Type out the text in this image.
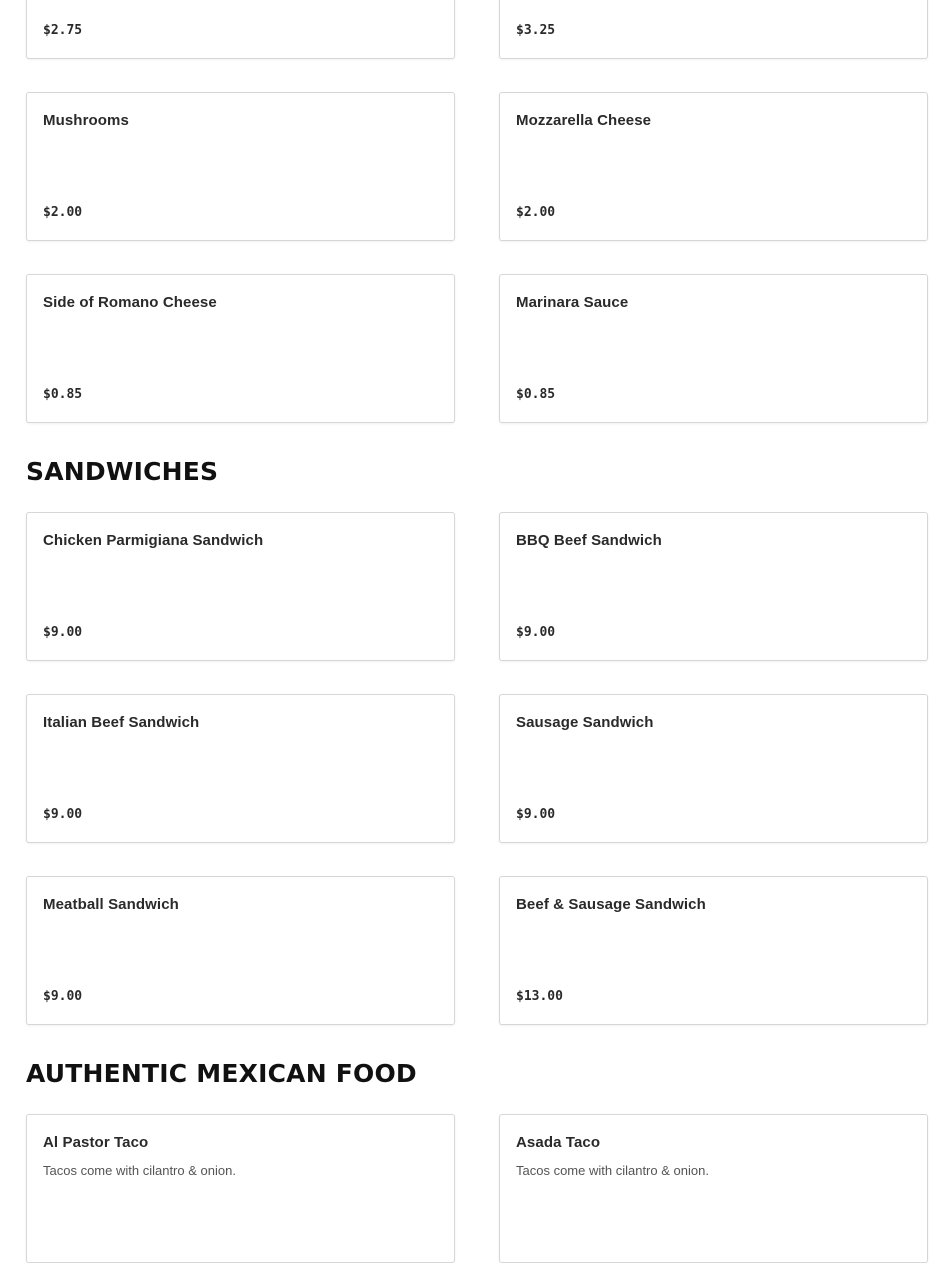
$2.75	$3.25
Mushrooms
$2.00
Mozzarella Cheese
$2.00
Side of Romano Cheese
$0.85
Marinara Sauce
$0.85
SANDWICHES
Chicken Parmigiana Sandwich
$9.00
BBQ Beef Sandwich
$9.00
Italian Beef Sandwich
$9.00
Sausage Sandwich
$9.00
Meatball Sandwich
$9.00
Beef & Sausage Sandwich
$13.00
AUTHENTIC MEXICAN FOOD
Al Pastor Taco
Tacos come with cilantro & onion.
Asada Taco
Tacos come with cilantro & onion.
